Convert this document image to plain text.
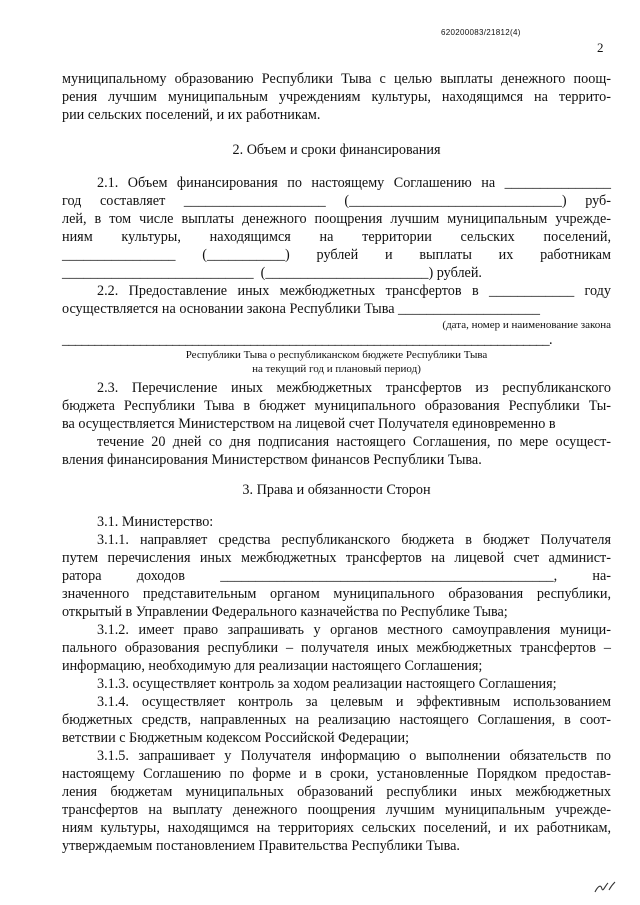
620200083/21812(4)
2
муниципальному образованию Республики Тыва с целью выплаты денежного поощ-
рения лучшим муниципальным учреждениям культуры, находящимся на террито-
рии сельских поселений, и их работникам.
2. Объем и сроки финансирования
2.1. Объем финансирования по настоящему Соглашению на _______________
год составляет ____________________ (______________________________) руб-
лей, в том числе выплаты денежного поощрения лучшим муниципальным учрежде-
ниям культуры, находящимся на территории сельских поселений,
________________ (___________) рублей и выплаты их работникам
___________________________  (_______________________) рублей.
2.2. Предоставление иных межбюджетных трансфертов в ____________ году
осуществляется на основании закона Республики Тыва ____________________
(дата, номер и наименование закона
___________________________________________________________________________.
Республики Тыва о республиканском бюджете Республики Тыва
на текущий год и плановый период)
2.3. Перечисление иных межбюджетных трансфертов из республиканского
бюджета Республики Тыва в бюджет муниципального образования Республики Ты-
ва осуществляется Министерством на лицевой счет Получателя единовременно в
течение 20 дней со дня подписания настоящего Соглашения, по мере осущест-
вления финансирования Министерством финансов Республики Тыва.
3. Права и обязанности Сторон
3.1. Министерство:
3.1.1. направляет средства республиканского бюджета в бюджет Получателя
путем перечисления иных межбюджетных трансфертов на лицевой счет админист-
ратора доходов _______________________________________________, на-
значенного представительным органом муниципального образования республики,
открытый в Управлении Федерального казначейства по Республике Тыва;
3.1.2. имеет право запрашивать у органов местного самоуправления муници-
пального образования республики – получателя иных межбюджетных трансфертов –
информацию, необходимую для реализации настоящего Соглашения;
3.1.3. осуществляет контроль за ходом реализации настоящего Соглашения;
3.1.4. осуществляет контроль за целевым и эффективным использованием
бюджетных средств, направленных на реализацию настоящего Соглашения, в соот-
ветствии с Бюджетным кодексом Российской Федерации;
3.1.5. запрашивает у Получателя информацию о выполнении обязательств по
настоящему Соглашению по форме и в сроки, установленные Порядком предостав-
ления бюджетам муниципальных образований республики иных межбюджетных
трансфертов на выплату денежного поощрения лучшим муниципальным учрежде-
ниям культуры, находящимся на территориях сельских поселений, и их работникам,
утверждаемым постановлением Правительства Республики Тыва.
